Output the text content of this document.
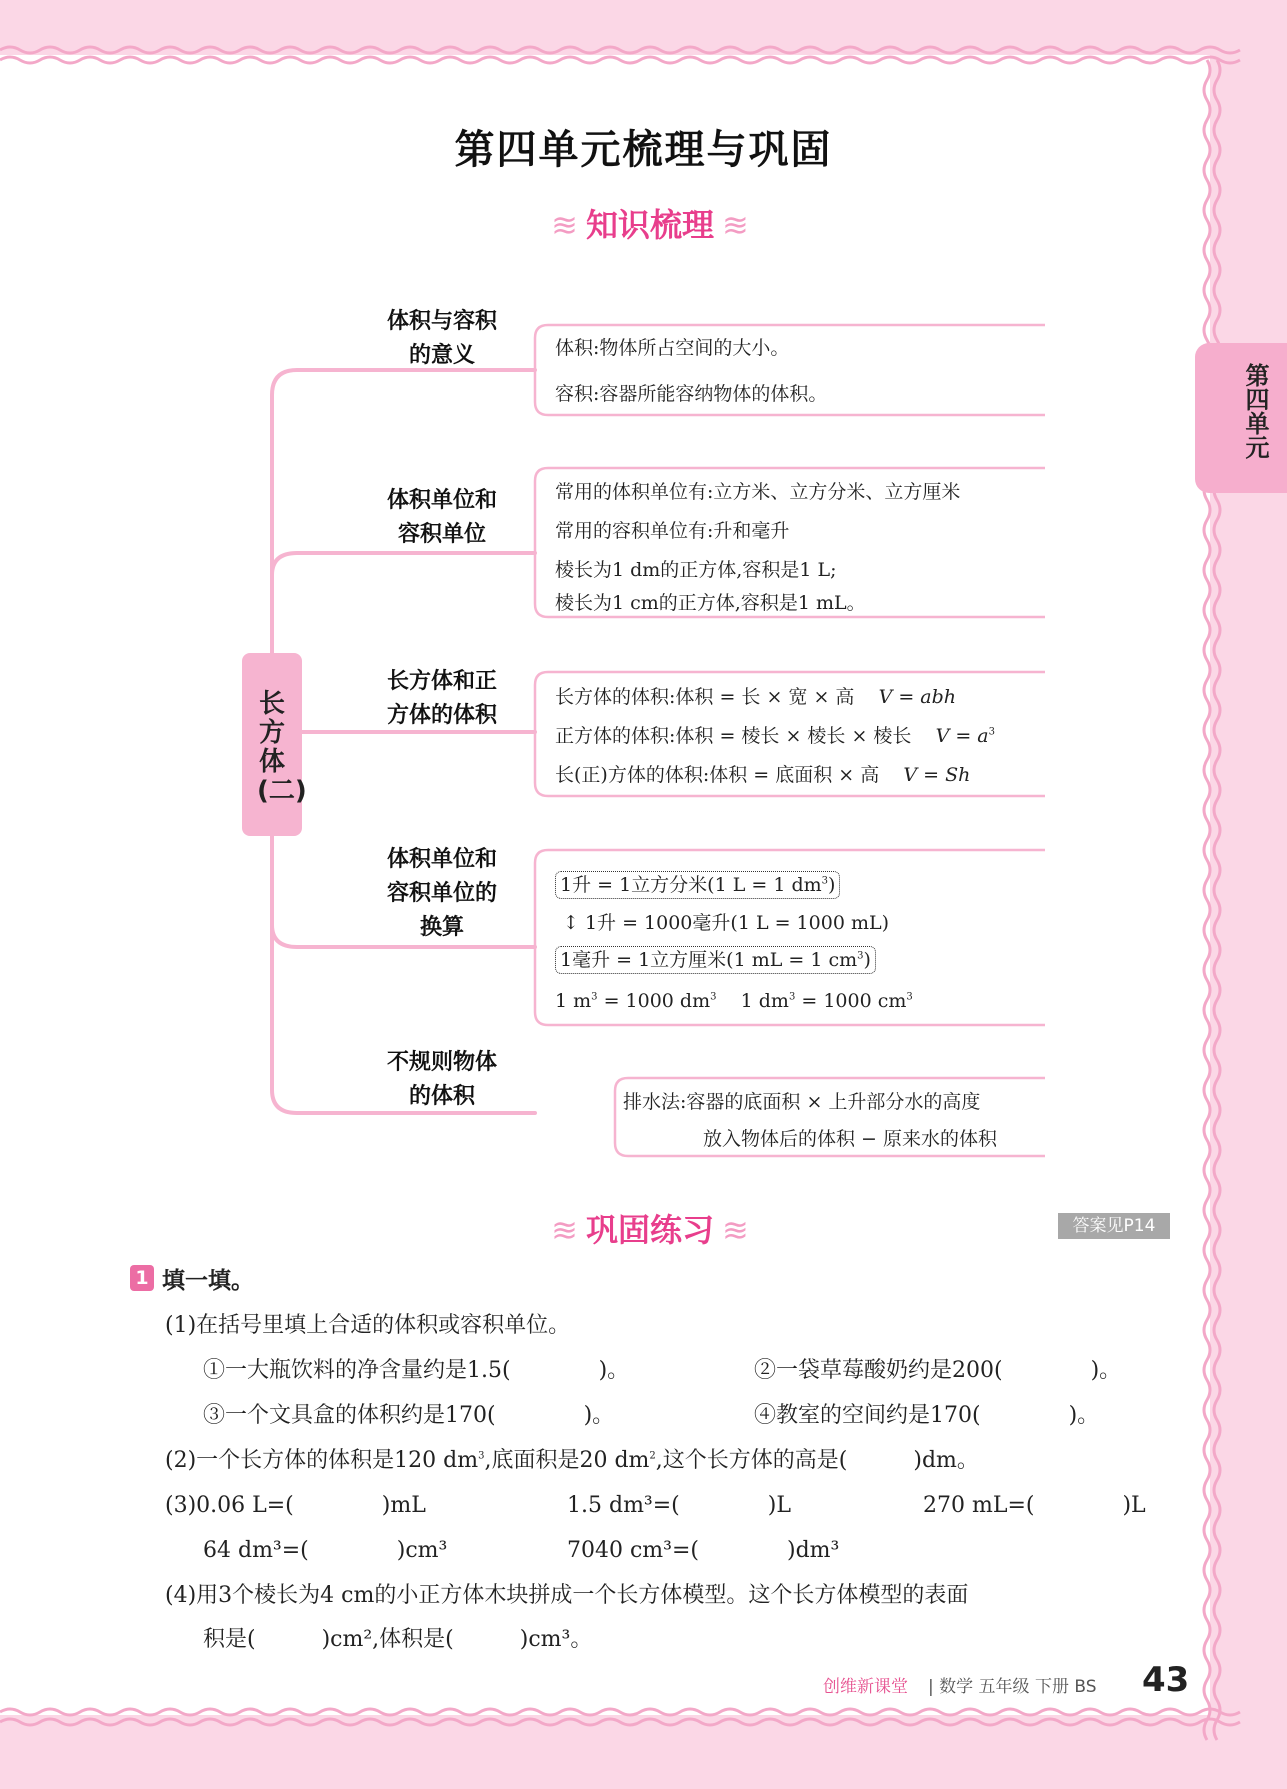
第四单元梳理与巩固
第四单元
≋ 知识梳理 ≋
长方体(二)
体积与容积
的意义
体积单位和
容积单位
长方体和正
方体的体积
体积单位和
容积单位的
换算
不规则物体
的体积
体积:物体所占空间的大小。
容积:容器所能容纳物体的体积。
常用的体积单位有:立方米、立方分米、立方厘米
常用的容积单位有:升和毫升
棱长为1 dm的正方体,容积是1 L;
棱长为1 cm的正方体,容积是1 mL。
长方体的体积:体积 = 长 × 宽 × 高 V = abh
正方体的体积:体积 = 棱长 × 棱长 × 棱长 $V = a^3$
长(正)方体的体积:体积 = 底面积 × 高 V = Sh
1升 = 1立方分米(1 L = 1 $dm^3$)
↕ 1升 = 1000毫升(1 L = 1000 mL)
1毫升 = 1立方厘米(1 mL = 1 $cm^3$)
1 $m^3 = 1000$ $dm^3$    1 $dm^3 = 1000$ $cm^3$
排水法:容器的底面积 × 上升部分水的高度
放入物体后的体积 − 原来水的体积
≋ 巩固练习 ≋	答案见P14
1 填一填。
(1)在括号里填上合适的体积或容积单位。
①一大瓶饮料的净含量约是1.5(　　　　)。	②一袋草莓酸奶约是200(　　　　)。
③一个文具盒的体积约是170(　　　　)。	④教室的空间约是170(　　　　)。
(2)一个长方体的体积是120 $dm^3$,底面积是20 $dm^2$,这个长方体的高是(　　　)dm。
(3)0.06 L=(　　　　)mL	1.5 dm³=(　　　　)L	270 mL=(　　　　)L
64 dm³=(　　　　)cm³	7040 cm³=(　　　　)dm³
(4)用3个棱长为4 cm的小正方体木块拼成一个长方体模型。这个长方体模型的表面
积是(　　　)cm²,体积是(　　　)cm³。
创维新课堂 | 数学 五年级 下册 BS 43
